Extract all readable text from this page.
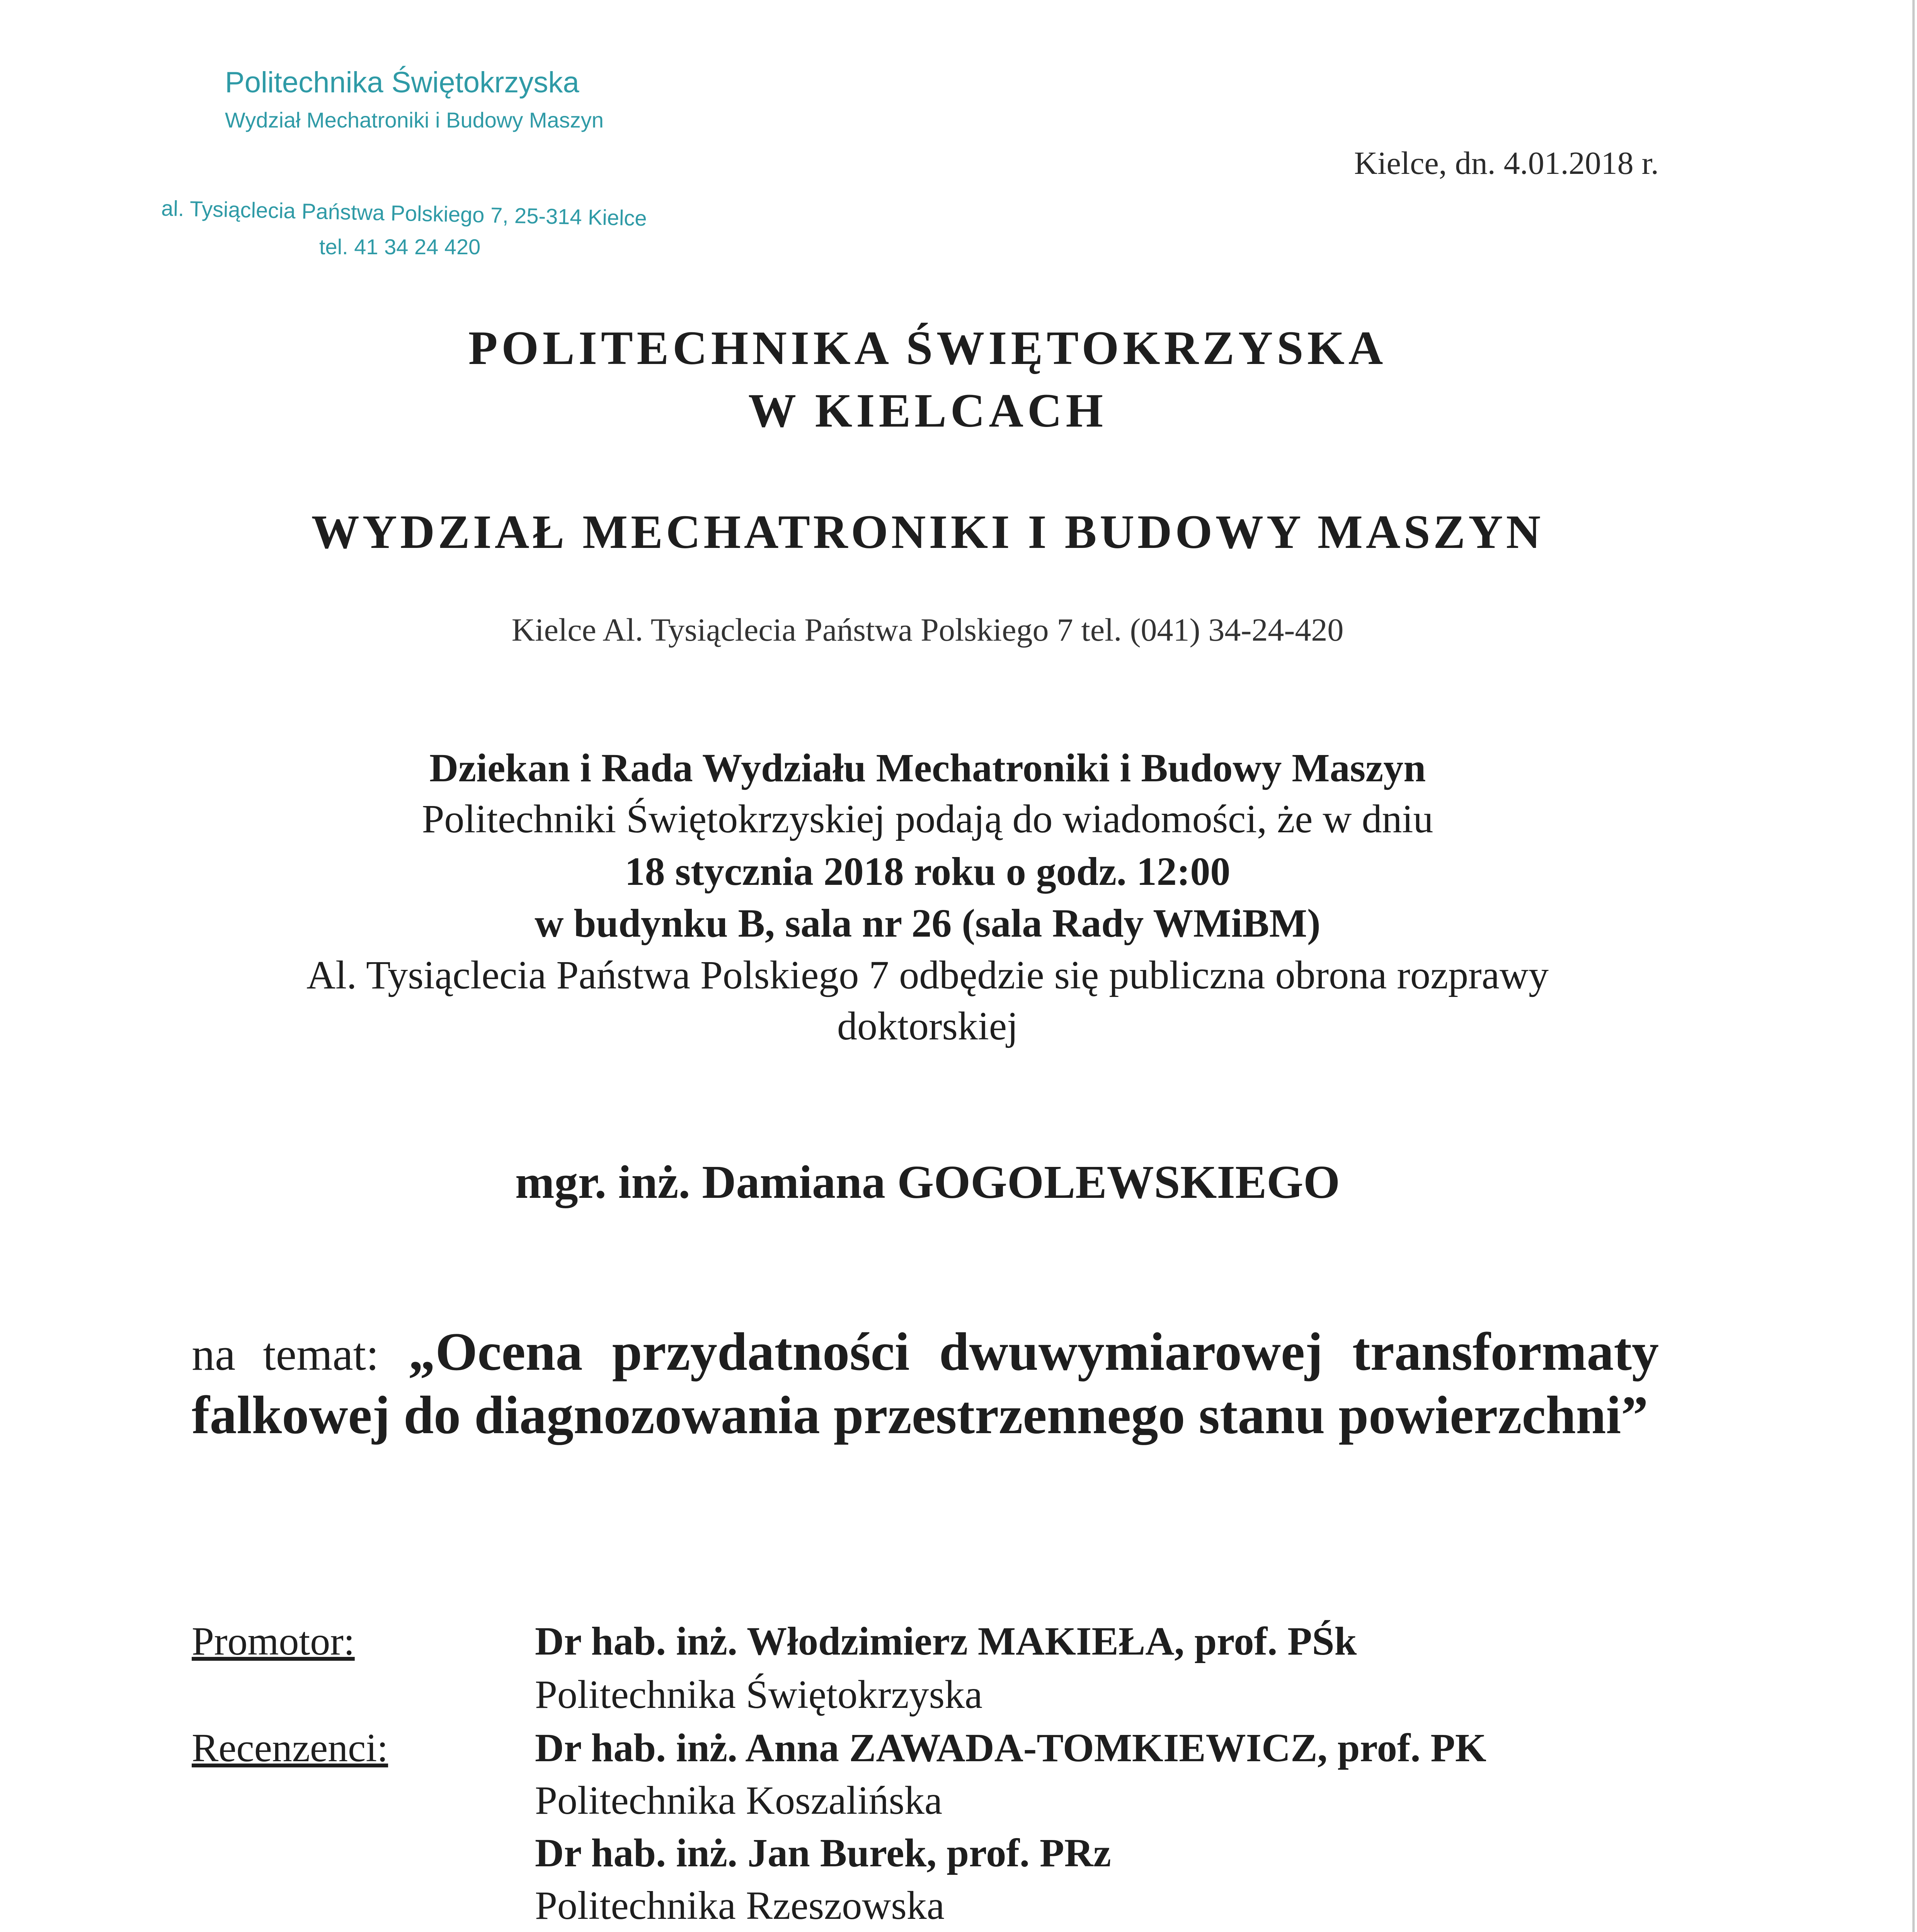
Politechnika Świętokrzyska
Wydział Mechatroniki i Budowy Maszyn
al. Tysiąclecia Państwa Polskiego 7, 25-314 Kielce
tel. 41 34 24 420
Kielce, dn. 4.01.2018 r.
POLITECHNIKA ŚWIĘTOKRZYSKA
W KIELCACH
WYDZIAŁ MECHATRONIKI I BUDOWY MASZYN
Kielce Al. Tysiąclecia Państwa Polskiego 7 tel. (041) 34-24-420
Dziekan i Rada Wydziału Mechatroniki i Budowy Maszyn
Politechniki Świętokrzyskiej podają do wiadomości, że w dniu
18 stycznia 2018 roku o godz. 12:00
w budynku B, sala nr 26 (sala Rady WMiBM)
Al. Tysiąclecia Państwa Polskiego 7 odbędzie się publiczna obrona rozprawy
doktorskiej
mgr. inż. Damiana GOGOLEWSKIEGO
na temat: „Ocena przydatności dwuwymiarowej transformaty falkowej do diagnozowania przestrzennego stanu powierzchni”
Promotor:	Dr hab. inż. Włodzimierz MAKIEŁA, prof. PŚk
Politechnika Świętokrzyska
Recenzenci:	Dr hab. inż. Anna ZAWADA-TOMKIEWICZ, prof. PK
Politechnika Koszalińska
Dr hab. inż. Jan Burek, prof. PRz
Politechnika Rzeszowska
